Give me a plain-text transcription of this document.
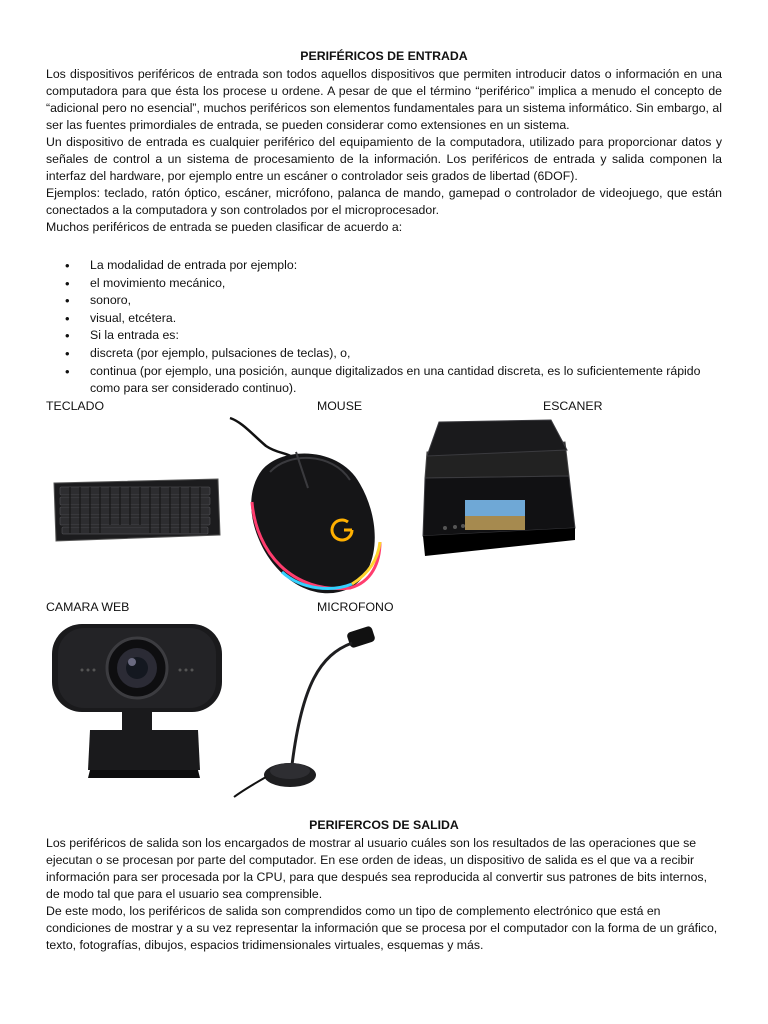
PERIFÉRICOS DE ENTRADA

Los dispositivos periféricos de entrada son todos aquellos dispositivos que permiten introducir datos o información en una computadora para que ésta los procese u ordene. A pesar de que el término “periférico” implica a menudo el concepto de “adicional pero no esencial”, muchos periféricos son elementos fundamentales para un sistema informático. Sin embargo, al ser las fuentes primordiales de entrada, se pueden considerar como extensiones en un sistema.

Un dispositivo de entrada es cualquier periférico del equipamiento de la computadora, utilizado para proporcionar datos y señales de control a un sistema de procesamiento de la información. Los periféricos de entrada y salida componen la interfaz del hardware, por ejemplo entre un escáner o controlador seis grados de libertad (6DOF).

Ejemplos: teclado, ratón óptico, escáner, micrófono, palanca de mando, gamepad o controlador de videojuego, que están conectados a la computadora y son controlados por el microprocesador.

Muchos periféricos de entrada se pueden clasificar de acuerdo a:

• La modalidad de entrada por ejemplo:
• el movimiento mecánico,
• sonoro,
• visual, etcétera.
• Si la entrada es:
• discreta (por ejemplo, pulsaciones de teclas), o,
• continua (por ejemplo, una posición, aunque digitalizados en una cantidad discreta, es lo suficientemente rápido como para ser considerado continuo).
TECLADO	MOUSE	ESCANER
CAMARA WEB	MICROFONO
PERIFERCOS DE SALIDA

Los periféricos de salida son los encargados de mostrar al usuario cuáles son los resultados de las operaciones que se ejecutan o se procesan por parte del computador. En ese orden de ideas, un dispositivo de salida es el que va a recibir información para ser procesada por la CPU, para que después sea reproducida al convertir sus patrones de bits internos, de modo tal que para el usuario sea comprensible.

De este modo, los periféricos de salida son comprendidos como un tipo de complemento electrónico que está en condiciones de mostrar y a su vez representar la información que se procesa por el computador con la forma de un gráfico, texto, fotografías, dibujos, espacios tridimensionales virtuales, esquemas y más.
